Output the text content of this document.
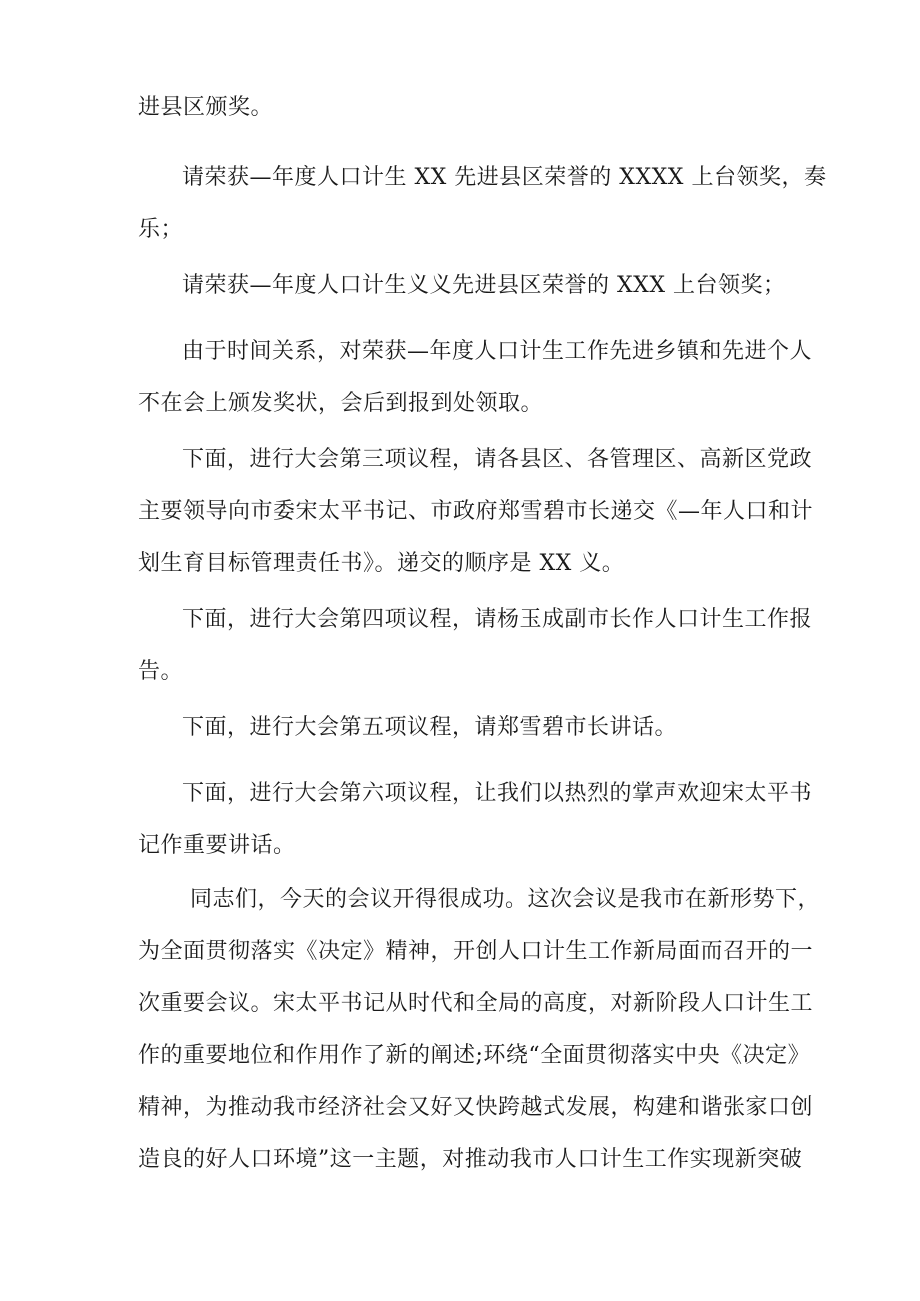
进县区颁奖。

请荣获—年度人口计生 XX 先进县区荣誉的 XXXX 上台领奖，奏
乐；

请荣获—年度人口计生义义先进县区荣誉的 XXX 上台领奖；

由于时间关系，对荣获—年度人口计生工作先进乡镇和先进个人
不在会上颁发奖状，会后到报到处领取。

下面，进行大会第三项议程，请各县区、各管理区、高新区党政
主要领导向市委宋太平书记、市政府郑雪碧市长递交《—年人口和计
划生育目标管理责任书》。递交的顺序是 XX 义。

下面，进行大会第四项议程，请杨玉成副市长作人口计生工作报
告。

下面，进行大会第五项议程，请郑雪碧市长讲话。

下面，进行大会第六项议程，让我们以热烈的掌声欢迎宋太平书
记作重要讲话。

同志们，今天的会议开得很成功。这次会议是我市在新形势下，
为全面贯彻落实《决定》精神，开创人口计生工作新局面而召开的一
次重要会议。宋太平书记从时代和全局的高度，对新阶段人口计生工
作的重要地位和作用作了新的阐述;环绕“全面贯彻落实中央《决定》
精神，为推动我市经济社会又好又快跨越式发展，构建和谐张家口创
造良的好人口环境”这一主题，对推动我市人口计生工作实现新突破
